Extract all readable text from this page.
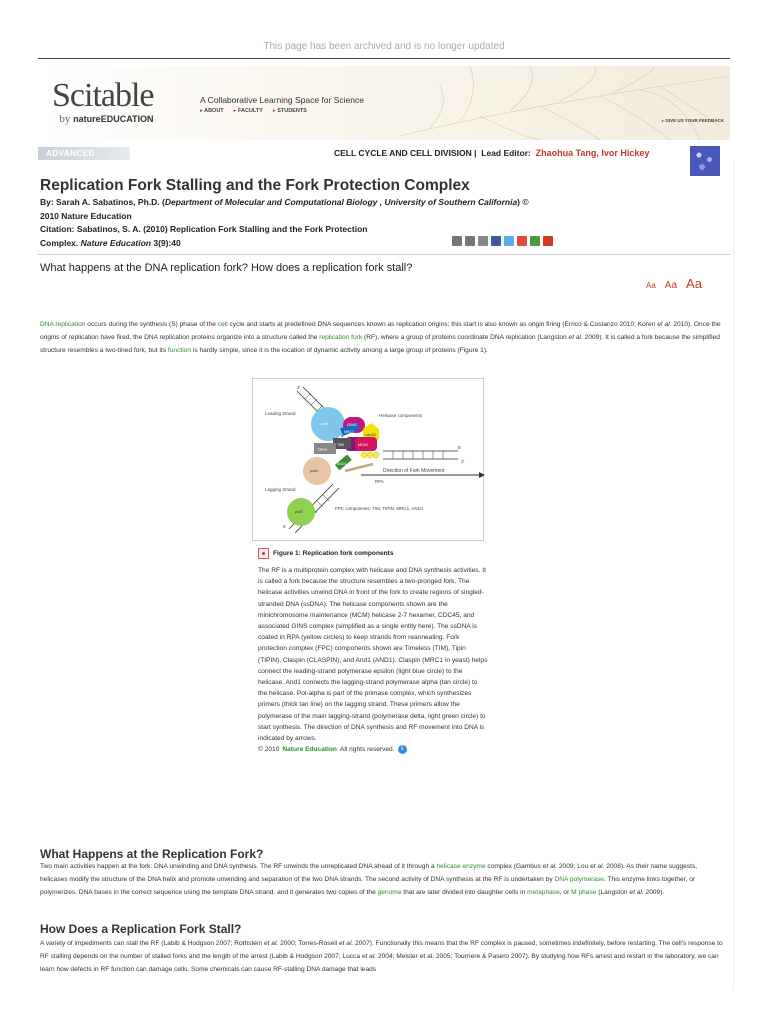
This page has been archived and is no longer updated
Scitable
by natureEDUCATION
A Collaborative Learning Space for Science
▸ ABOUT	▸ FACULTY	▸ STUDENTS
▸ GIVE US YOUR FEEDBACK
ADVANCED	CELL CYCLE AND CELL DIVISION | Lead Editor: Zhaohua Tang, Ivor Hickey
Replication Fork Stalling and the Fork Protection Complex
By: Sarah A. Sabatinos, Ph.D. (Department of Molecular and Computational Biology , University of Southern California) © 2010 Nature Education
Citation: Sabatinos, S. A. (2010) Replication Fork Stalling and the Fork Protection
Complex. Nature Education 3(9):40
What happens at the DNA replication fork? How does a replication fork stall?
Aa Aa Aa
DNA replication occurs during the synthesis (S) phase of the cell cycle and starts at predefined DNA sequences known as replication origins; this start is also known as origin firing (Errico & Costanzo 2010; Koren et al. 2010). Once the origins of replication have fired, the DNA replication proteins organize into a structure called the replication fork (RF), where a group of proteins coordinate DNA replication (Langston et al. 2009). It is called a fork because the simplified structure resembles a two-tined fork, but its function is hardly simple, since it is the location of dynamic activity among a large group of proteins (Figure 1).
3'
Leading Strand	Helicase components
Lagging Strand
5'
3'
Direction of Fork Movement
RPA
FPC components: TIM, TIPIN, MRC1, AND1
5'
polε
polα
polδ
GINS
cdc45
MCM
TIM
TIPIN
MRC1
AND1
Figure 1: Replication fork components
The RF is a multiprotein complex with helicase and DNA synthesis activities. It is called a fork because the structure resembles a two-pronged fork. The helicase activities unwind DNA in front of the fork to create regions of singled-stranded DNA (ssDNA). The helicase components shown are the minichromosome maintenance (MCM) helicase 2-7 hexamer, CDC45, and associated GINS complex (simplified as a single entity here). The ssDNA is coated in RPA (yellow circles) to keep strands from reannealing. Fork protection complex (FPC) components shown are Timeless (TIM), Tipin (TIPIN), Claspin (CLASPIN), and And1 (AND1). Claspin (MRC1 in yeast) helps connect the leading-strand polymerase epsilon (light blue circle) to the helicase. And1 connects the lagging-strand polymerase alpha (tan circle) to the helicase. Pol-alpha is part of the primase complex, which synthesizes primers (thick tan line) on the lagging strand. These primers allow the polymerase of the main lagging-strand (polymerase delta, light green circle) to start synthesis. The direction of DNA synthesis and RF movement into DNA is indicated by arrows.
© 2010 Nature Education All rights reserved.	i
What Happens at the Replication Fork?
Two main activities happen at the fork: DNA unwinding and DNA synthesis. The RF unwinds the unreplicated DNA ahead of it through a helicase enzyme complex (Gambus et al. 2009; Lou et al. 2008). As their name suggests, helicases modify the structure of the DNA helix and promote unwinding and separation of the two DNA strands. The second activity of DNA synthesis at the RF is undertaken by DNA polymerase. This enzyme links together, or polymerizes, DNA bases in the correct sequence using the template DNA strand, and it generates two copies of the genome that are later divided into daughter cells in metaphase, or M phase (Langston et al. 2009).
How Does a Replication Fork Stall?
A variety of impediments can stall the RF (Labib & Hodgson 2007; Rothstein et al. 2000; Torres-Rosell et al. 2007). Functionally this means that the RF complex is paused, sometimes indefinitely, before restarting. The cell's response to RF stalling depends on the number of stalled forks and the length of the arrest (Labib & Hodgson 2007; Lucca et al. 2004; Meister et al. 2005; Tourriere & Pasero 2007). By studying how RFs arrest and restart in the laboratory, we can learn how defects in RF function can damage cells. Some chemicals can cause RF-stalling DNA damage that leads
